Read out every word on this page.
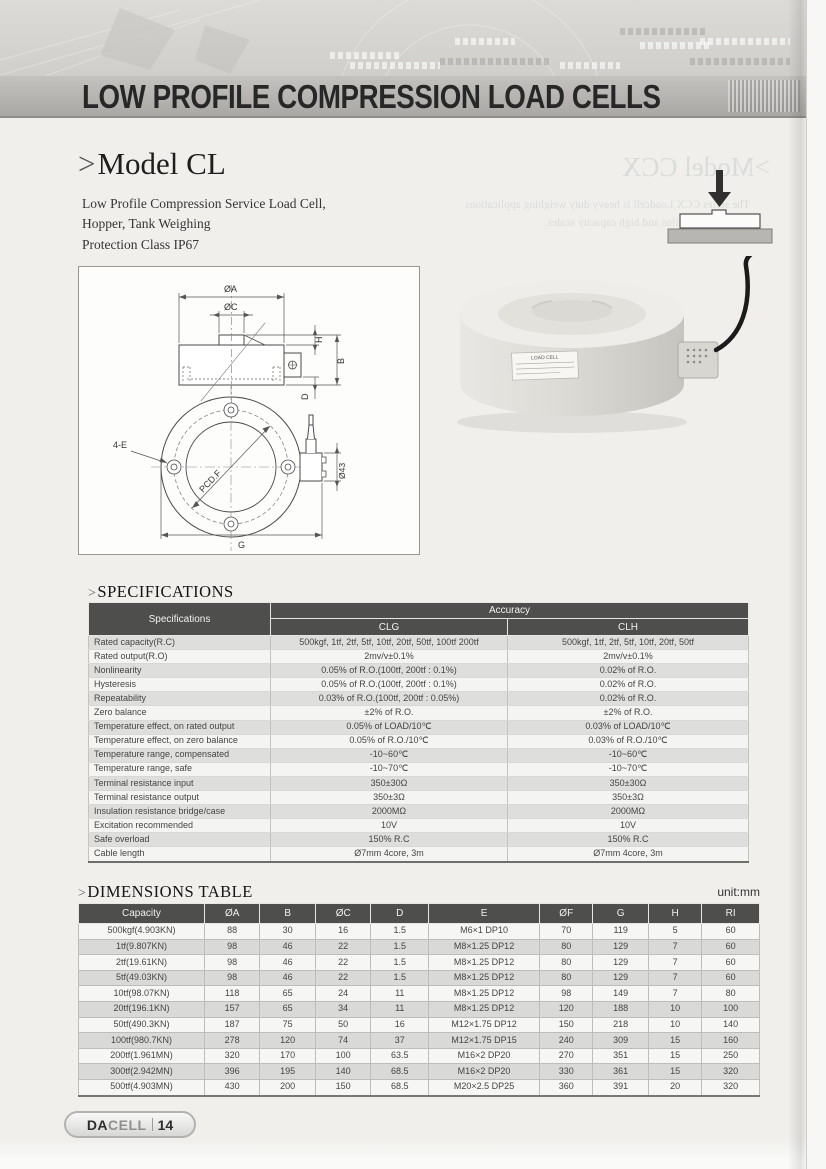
LOW PROFILE COMPRESSION LOAD CELLS
>Model CCX
The series CCX Loadcell is heavy duty weighing applications
mixers, tanks, silos and high capacity scales.
>Model CL
Low Profile Compression Service Load Cell,
Hopper, Tank Weighing
Protection Class IP67
ØA
ØC
H
B
D
PCD.F
4-E
Ø43
G
LOAD CELL
>SPECIFICATIONS
Specifications	Accuracy	
	CLG	CLH
Rated capacity(R.C)	500kgf, 1tf, 2tf, 5tf, 10tf, 20tf, 50tf, 100tf 200tf	500kgf, 1tf, 2tf, 5tf, 10tf, 20tf, 50tf
Rated output(R.O)	2mv/v±0.1%	2mv/v±0.1%
Nonlinearity	0.05% of R.O.(100tf, 200tf : 0.1%)	0.02% of R.O.
Hysteresis	0.05% of R.O.(100tf, 200tf : 0.1%)	0.02% of R.O.
Repeatability	0.03% of R.O.(100tf, 200tf : 0.05%)	0.02% of R.O.
Zero balance	±2% of R.O.	±2% of R.O.
Temperature effect, on rated output	0.05% of LOAD/10℃	0.03% of LOAD/10℃
Temperature effect, on zero balance	0.05% of R.O./10℃	0.03% of R.O./10℃
Temperature range, compensated	-10~60℃	-10~60℃
Temperature range, safe	-10~70℃	-10~70℃
Terminal resistance input	350±30Ω	350±30Ω
Terminal resistance output	350±3Ω	350±3Ω
Insulation resistance bridge/case	2000MΩ	2000MΩ
Excitation recommended	10V	10V
Safe overload	150% R.C	150% R.C
Cable length	Ø7mm 4core, 3m	Ø7mm 4core, 3m
>DIMENSIONS TABLE	unit:mm
Capacity	ØA	B	ØC	D	E	ØF	G	H	RI
500kgf(4.903KN)	88	30	16	1.5	M6×1 DP10	70	119	5	60
1tf(9.807KN)	98	46	22	1.5	M8×1.25 DP12	80	129	7	60
2tf(19.61KN)	98	46	22	1.5	M8×1.25 DP12	80	129	7	60
5tf(49.03KN)	98	46	22	1.5	M8×1.25 DP12	80	129	7	60
10tf(98.07KN)	118	65	24	11	M8×1.25 DP12	98	149	7	80
20tf(196.1KN)	157	65	34	11	M8×1.25 DP12	120	188	10	100
50tf(490.3KN)	187	75	50	16	M12×1.75 DP12	150	218	10	140
100tf(980.7KN)	278	120	74	37	M12×1.75 DP15	240	309	15	160
200tf(1.961MN)	320	170	100	63.5	M16×2 DP20	270	351	15	250
300tf(2.942MN)	396	195	140	68.5	M16×2 DP20	330	361	15	320
500tf(4.903MN)	430	200	150	68.5	M20×2.5 DP25	360	391	20	320
DA CELL 14
